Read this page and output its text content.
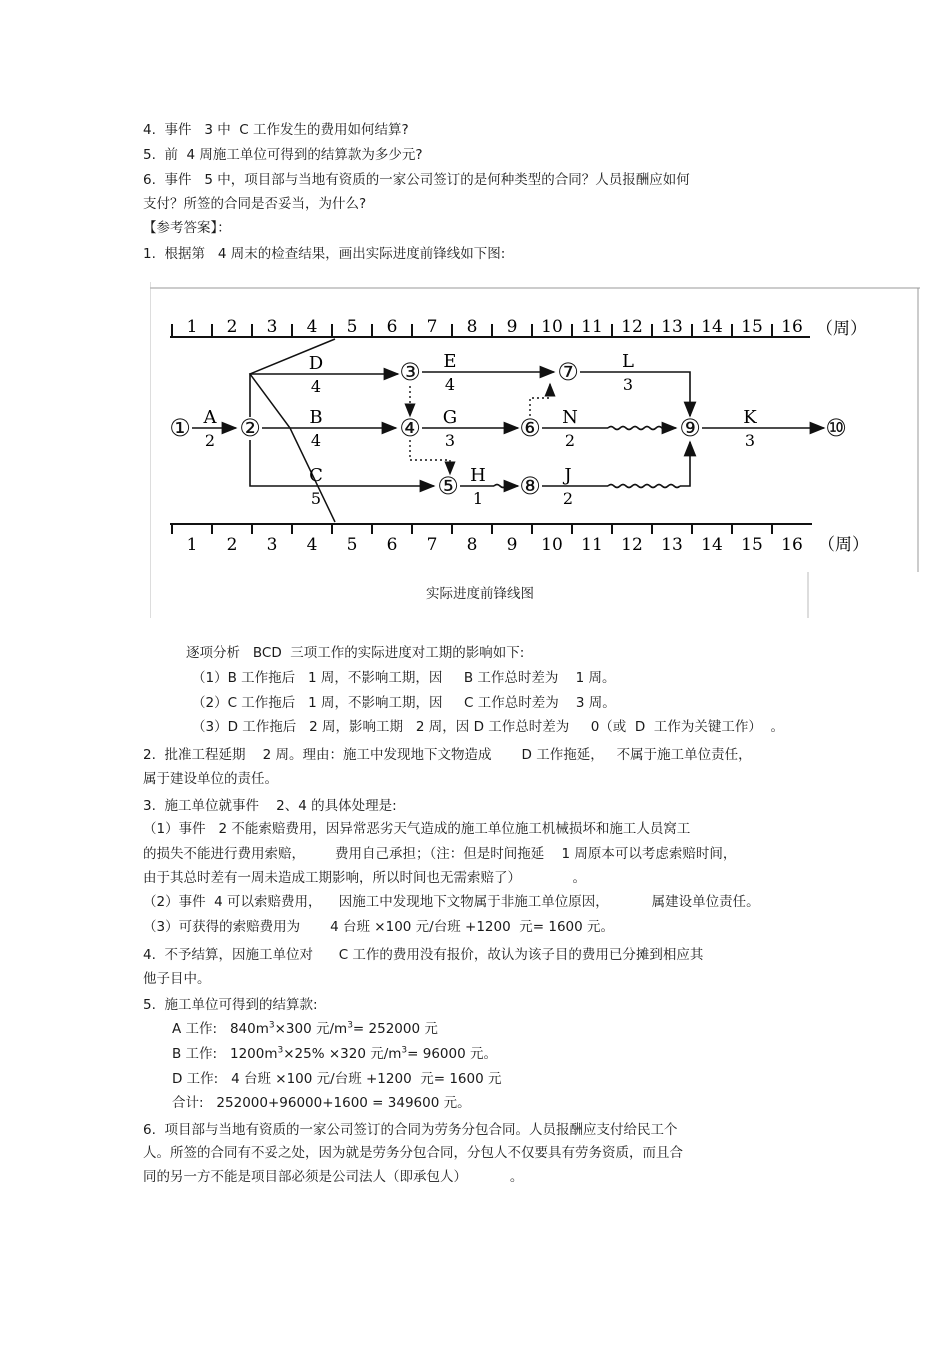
4.  事件   3 中  C 工作发生的费用如何结算?
5.  前  4 周施工单位可得到的结算款为多少元?
6.  事件   5 中，项目部与当地有资质的一家公司签订的是何种类型的合同？人员报酬应如何
支付？所签的合同是否妥当，为什么?
【参考答案】：
1.  根据第   4 周末的检查结果，画出实际进度前锋线如下图:
1 2 3 4 5 6 7 8 9 10 11 12 13 14 15 16
1 2 3 4 5 6 7 8 9 10 11 12 13 14 15 16
（周）
（周）
① ②
③
④
⑤
⑥
⑦
⑧
⑨	⑩
A
2
D
4
B
4
C
5
E
4
G
3
H
1
L
3
N
2
J
2
K
3
实际进度前锋线图
逐项分析   BCD  三项工作的实际进度对工期的影响如下:
（1）B 工作拖后   1 周，不影响工期，因     B 工作总时差为    1 周。
（2）C 工作拖后   1 周，不影响工期，因     C 工作总时差为    3 周。
（3）D 工作拖后   2 周，影响工期   2 周，因 D 工作总时差为     0（或  D  工作为关键工作）  。
2.  批准工程延期    2 周。理由：施工中发现地下文物造成       D 工作拖延，   不属于施工单位责任，
属于建设单位的责任。
3.  施工单位就事件    2、4 的具体处理是:
（1）事件   2 不能索赔费用，因异常恶劣天气造成的施工单位施工机械损坏和施工人员窝工
的损失不能进行费用索赔，       费用自己承担；（注：但是时间拖延    1 周原本可以考虑索赔时间，
由于其总时差有一周未造成工期影响，所以时间也无需索赔了）            。
（2）事件  4 可以索赔费用，    因施工中发现地下文物属于非施工单位原因，          属建设单位责任。
（3）可获得的索赔费用为       4 台班 ×100 元/台班 +1200  元= 1600 元。
4.  不予结算，因施工单位对      C 工作的费用没有报价，故认为该子目的费用已分摊到相应其
他子目中。
5.  施工单位可得到的结算款:
A 工作:   $840m^3\times 300$ 元$/m^3= 252000$ 元
B 工作:   $1200m^3\times 25\% \times 320$ 元$/m^3= 96000$ 元。
D 工作:   4 台班 ×100 元/台班 +1200  元= 1600 元
合计:   252000+96000+1600 = 349600 元。
6.  项目部与当地有资质的一家公司签订的合同为劳务分包合同。人员报酬应支付给民工个
人。所签的合同有不妥之处，因为就是劳务分包合同，分包人不仅要具有劳务资质，而且合
同的另一方不能是项目部必须是公司法人（即承包人）          。
